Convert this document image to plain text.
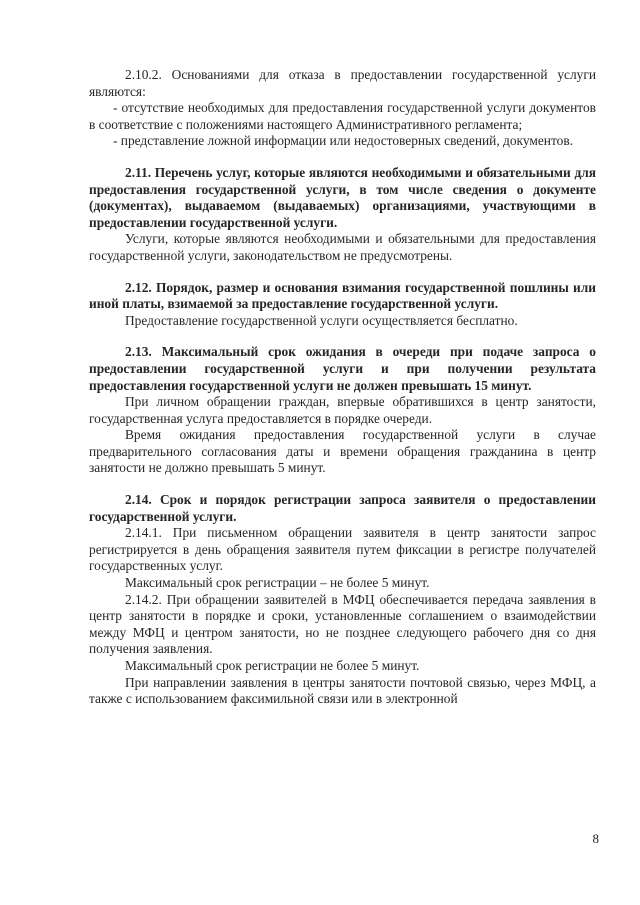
2.10.2. Основаниями для отказа в предоставлении государственной услуги являются:

- отсутствие необходимых для предоставления государственной услуги документов в соответствие с положениями настоящего Административного регламента;

- представление ложной информации или недостоверных сведений, документов.

2.11. Перечень услуг, которые являются необходимыми и обязательными для предоставления государственной услуги, в том числе сведения о документе (документах), выдаваемом (выдаваемых) организациями, участвующими в предоставлении государственной услуги.

Услуги, которые являются необходимыми и обязательными для предоставления государственной услуги, законодательством не предусмотрены.

2.12. Порядок, размер и основания взимания государственной пошлины или иной платы, взимаемой за предоставление государственной услуги.

Предоставление государственной услуги осуществляется бесплатно.

2.13. Максимальный срок ожидания в очереди при подаче запроса о предоставлении государственной услуги и при получении результата предоставления государственной услуги не должен превышать 15 минут.

При личном обращении граждан, впервые обратившихся в центр занятости, государственная услуга предоставляется в порядке очереди.

Время ожидания предоставления государственной услуги в случае предварительного согласования даты и времени обращения гражданина в центр занятости не должно превышать 5 минут.

2.14. Срок и порядок регистрации запроса заявителя о предоставлении государственной услуги.

2.14.1. При письменном обращении заявителя в центр занятости запрос регистрируется в день обращения заявителя путем фиксации в регистре получателей государственных услуг.

Максимальный срок регистрации – не более 5 минут.

2.14.2. При обращении заявителей в МФЦ обеспечивается передача заявления в центр занятости в порядке и сроки, установленные соглашением о взаимодействии между МФЦ и центром занятости, но не позднее следующего рабочего дня со дня получения заявления.

Максимальный срок регистрации не более 5 минут.

При направлении заявления в центры занятости почтовой связью, через МФЦ, а также с использованием факсимильной связи или в электронной

8
